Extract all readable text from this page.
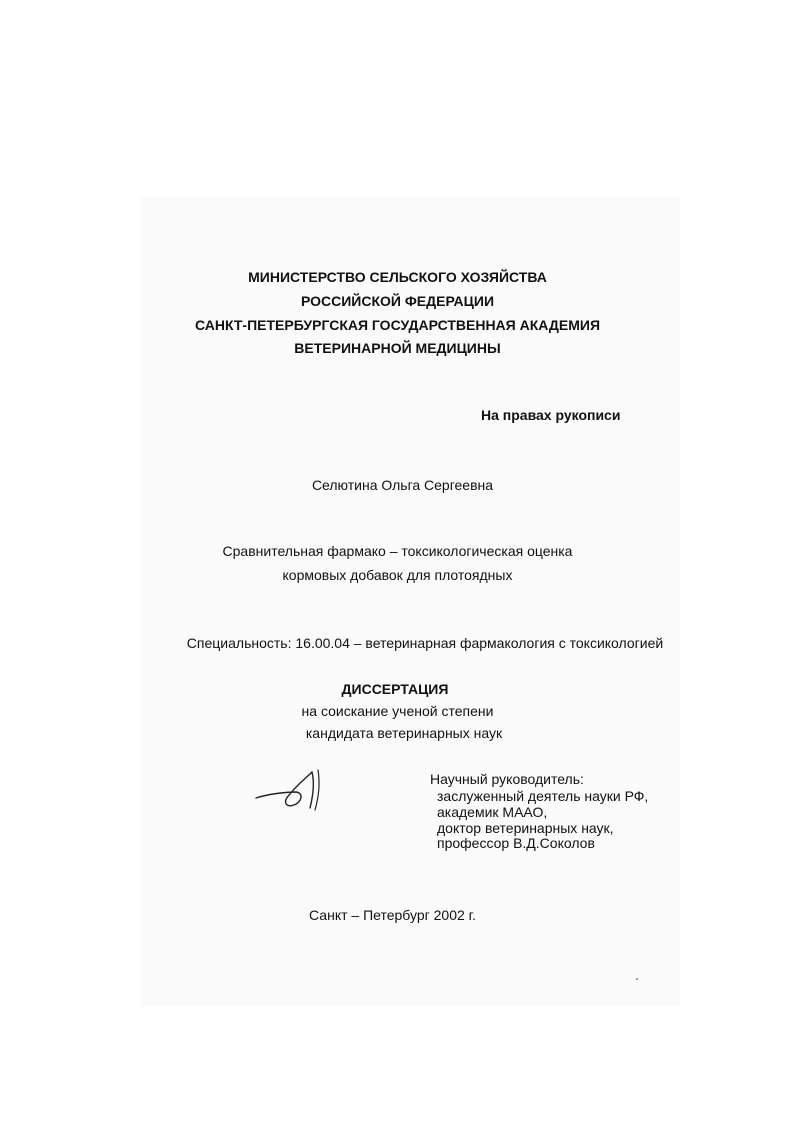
МИНИСТЕРСТВО СЕЛЬСКОГО ХОЗЯЙСТВА
РОССИЙСКОЙ ФЕДЕРАЦИИ
САНКТ-ПЕТЕРБУРГСКАЯ ГОСУДАРСТВЕННАЯ АКАДЕМИЯ
ВЕТЕРИНАРНОЙ МЕДИЦИНЫ
На правах рукописи
Селютина Ольга Сергеевна
Сравнительная фармако – токсикологическая оценка
кормовых добавок для плотоядных
Специальность: 16.00.04 – ветеринарная фармакология с токсикологией
ДИССЕРТАЦИЯ
на соискание ученой степени
кандидата ветеринарных наук
Научный руководитель:
заслуженный деятель науки РФ,
академик МААО,
доктор ветеринарных наук,
профессор В.Д.Соколов
Санкт – Петербург 2002 г.
